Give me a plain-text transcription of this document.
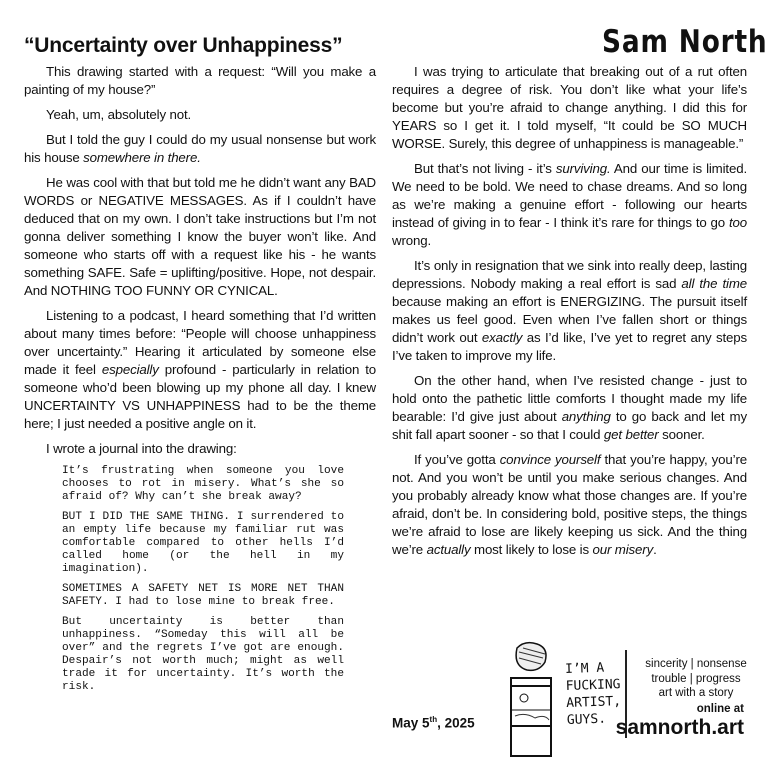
“Uncertainty over Unhappiness”	Sam North

This drawing started with a request: “Will you make a painting of my house?”

Yeah, um, absolutely not.

But I told the guy I could do my usual nonsense but work his house somewhere in there.

He was cool with that but told me he didn’t want any BAD WORDS or NEGATIVE MESSAGES. As if I couldn’t have deduced that on my own. I don’t take instructions but I’m not gonna deliver something I know the buyer won’t like. And someone who starts off with a request like his - he wants something SAFE. Safe = uplifting/positive. Hope, not despair. And NOTHING TOO FUNNY OR CYNICAL.

Listening to a podcast, I heard something that I’d written about many times before: “People will choose unhappiness over uncertainty.” Hearing it articulated by someone else made it feel especially profound - particularly in relation to someone who’d been blowing up my phone all day. I knew UNCERTAINTY VS UNHAPPINESS had to be the theme here; I just needed a positive angle on it.

I wrote a journal into the drawing:

It’s frustrating when someone you love chooses to rot in misery. What’s she so afraid of? Why can’t she break away?

BUT I DID THE SAME THING. I surrendered to an empty life because my familiar rut was comfortable compared to other hells I’d called home (or the hell in my imagination).

SOMETIMES A SAFETY NET IS MORE NET THAN SAFETY. I had to lose mine to break free.

But uncertainty is better than unhappiness. “Someday this will all be over” and the regrets I’ve got are enough. Despair’s not worth much; might as well trade it for uncertainty. It’s worth the risk.

I was trying to articulate that breaking out of a rut often requires a degree of risk. You don’t like what your life’s become but you’re afraid to change anything. I did this for YEARS so I get it. I told myself, “It could be SO MUCH WORSE. Surely, this degree of unhappiness is manageable.”

But that’s not living - it’s surviving. And our time is limited. We need to be bold. We need to chase dreams. And so long as we’re making a genuine effort - following our hearts instead of giving in to fear - I think it’s rare for things to go too wrong.

It’s only in resignation that we sink into really deep, lasting depressions. Nobody making a real effort is sad all the time because making an effort is ENERGIZING. The pursuit itself makes us feel good. Even when I’ve fallen short or things didn’t work out exactly as I’d like, I’ve yet to regret any steps I’ve taken to improve my life.

On the other hand, when I’ve resisted change - just to hold onto the pathetic little comforts I thought made my life bearable: I’d give just about anything to go back and let my shit fall apart sooner - so that I could get better sooner.

If you’ve gotta convince yourself that you’re happy, you’re not. And you won’t be until you make serious changes. And you probably already know what those changes are. If you’re afraid, don’t be. In considering bold, positive steps, the things we’re afraid to lose are likely keeping us sick. And the thing we’re actually most likely to lose is our misery.

May 5th, 2025
I’M A FUCKING ARTIST, GUYS.
sincerity | nonsense
trouble | progress
art with a story
online at
samnorth.art
